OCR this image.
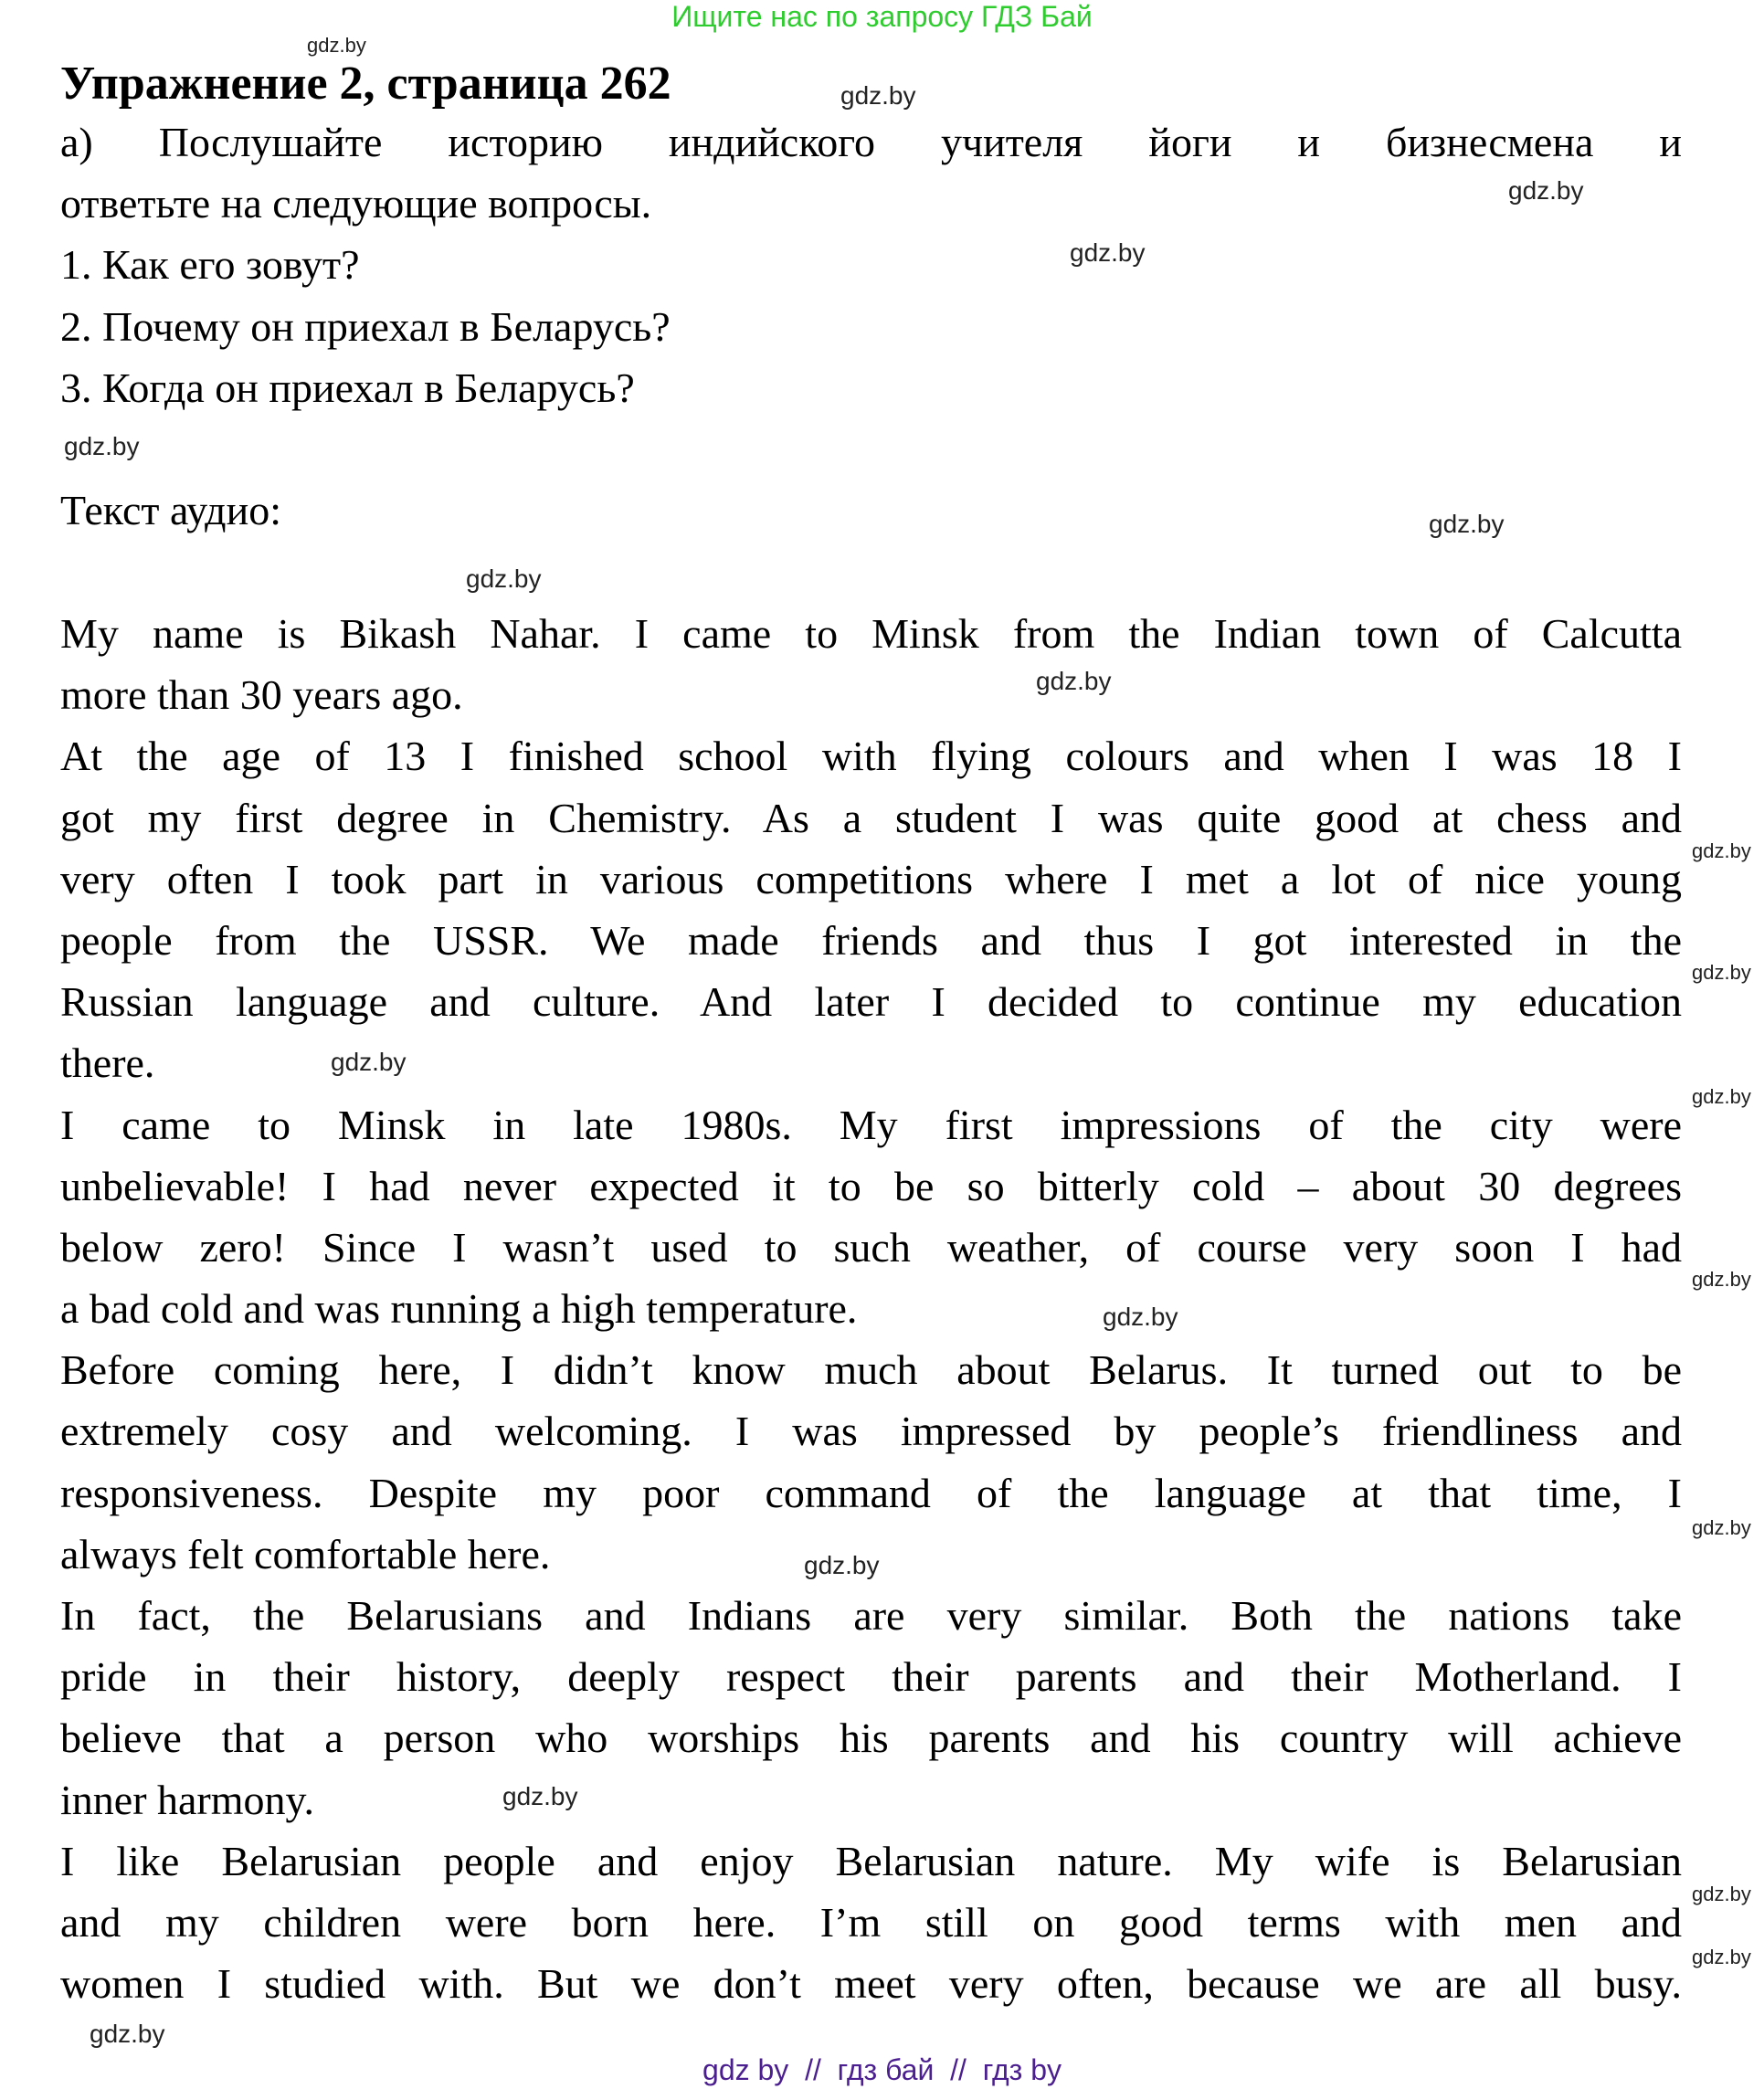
Ищите нас по запросу ГДЗ Бай
Упражнение 2, страница 262
а) Послушайте историю индийского учителя йоги и бизнесмена и
ответьте на следующие вопросы.
1. Как его зовут?
2. Почему он приехал в Беларусь?
3. Когда он приехал в Беларусь?
Текст аудио:
My name is Bikash Nahar. I came to Minsk from the Indian town of Calcutta
more than 30 years ago.
At the age of 13 I finished school with flying colours and when I was 18 I
got my first degree in Chemistry. As a student I was quite good at chess and
very often I took part in various competitions where I met a lot of nice young
people from the USSR. We made friends and thus I got interested in the
Russian language and culture. And later I decided to continue my education
there.
I came to Minsk in late 1980s. My first impressions of the city were
unbelievable! I had never expected it to be so bitterly cold – about 30 degrees
below zero! Since I wasn’t used to such weather, of course very soon I had
a bad cold and was running a high temperature.
Before coming here, I didn’t know much about Belarus. It turned out to be
extremely cosy and welcoming. I was impressed by people’s friendliness and
responsiveness. Despite my poor command of the language at that time, I
always felt comfortable here.
In fact, the Belarusians and Indians are very similar. Both the nations take
pride in their history, deeply respect their parents and their Motherland. I
believe that a person who worships his parents and his country will achieve
inner harmony.
I like Belarusian people and enjoy Belarusian nature. My wife is Belarusian
and my children were born here. I’m still on good terms with men and
women I studied with. But we don’t meet very often, because we are all busy.
gdz.by
gdz.by
gdz.by
gdz.by
gdz.by
gdz.by
gdz.by
gdz.by
gdz.by
gdz.by
gdz.by
gdz.by
gdz.by
gdz.by
gdz.by
gdz.by
gdz.by
gdz.by
gdz.by
gdz.by
gdz by  //  гдз бай  //  гдз by
